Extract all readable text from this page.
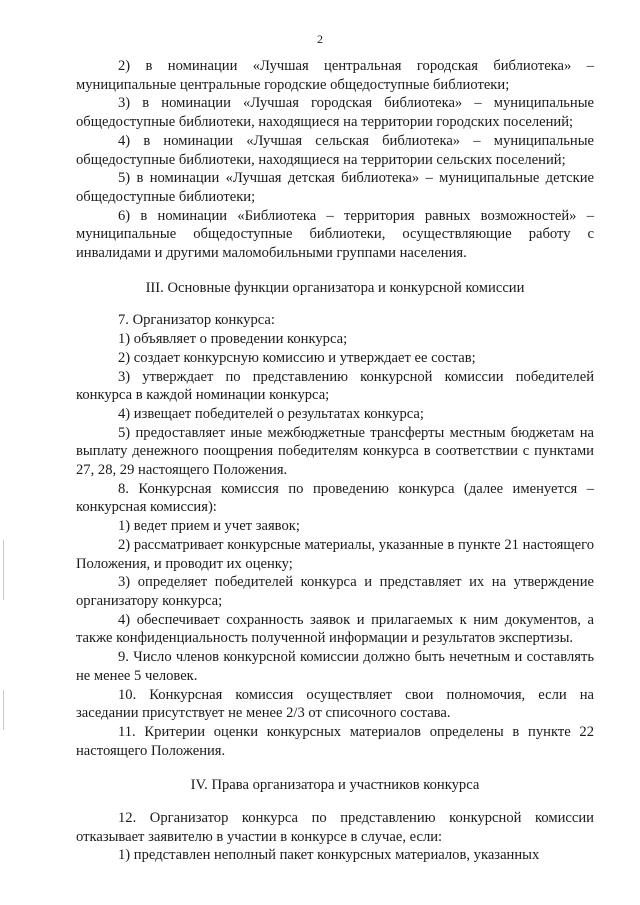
2

2) в номинации «Лучшая центральная городская библиотека» – муниципальные центральные городские общедоступные библиотеки;

3) в номинации «Лучшая городская библиотека» – муниципальные общедоступные библиотеки, находящиеся на территории городских поселений;

4) в номинации «Лучшая сельская библиотека» – муниципальные общедоступные библиотеки, находящиеся на территории сельских поселений;

5) в номинации «Лучшая детская библиотека» – муниципальные детские общедоступные библиотеки;

6) в номинации «Библиотека – территория равных возможностей» – муниципальные общедоступные библиотеки, осуществляющие работу с инвалидами и другими маломобильными группами населения.

III. Основные функции организатора и конкурсной комиссии

7. Организатор конкурса:

1) объявляет о проведении конкурса;

2) создает конкурсную комиссию и утверждает ее состав;

3) утверждает по представлению конкурсной комиссии победителей конкурса в каждой номинации конкурса;

4) извещает победителей о результатах конкурса;

5) предоставляет иные межбюджетные трансферты местным бюджетам на выплату денежного поощрения победителям конкурса в соответствии с пунктами 27, 28, 29 настоящего Положения.

8. Конкурсная комиссия по проведению конкурса (далее именуется – конкурсная комиссия):

1) ведет прием и учет заявок;

2) рассматривает конкурсные материалы, указанные в пункте 21 настоящего Положения, и проводит их оценку;

3) определяет победителей конкурса и представляет их на утверждение организатору конкурса;

4) обеспечивает сохранность заявок и прилагаемых к ним документов, а также конфиденциальность полученной информации и результатов экспертизы.

9. Число членов конкурсной комиссии должно быть нечетным и составлять не менее 5 человек.

10. Конкурсная комиссия осуществляет свои полномочия, если на заседании присутствует не менее 2/3 от списочного состава.

11. Критерии оценки конкурсных материалов определены в пункте 22 настоящего Положения.

IV. Права организатора и участников конкурса

12. Организатор конкурса по представлению конкурсной комиссии отказывает заявителю в участии в конкурсе в случае, если:

1) представлен неполный пакет конкурсных материалов, указанных
